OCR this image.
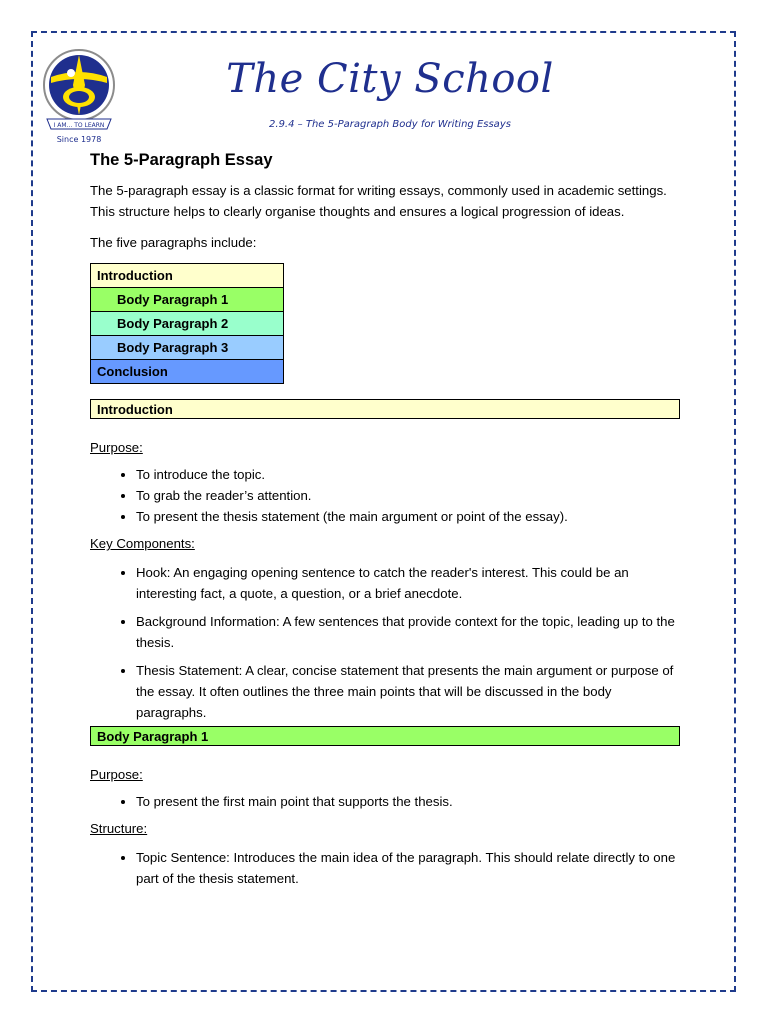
I AM... TO LEARN
Since 1978
The City School
2.9.4 – The 5-Paragraph Body for Writing Essays
The 5-Paragraph Essay

The 5-paragraph essay is a classic format for writing essays, commonly used in academic settings. This structure helps to clearly organise thoughts and ensures a logical progression of ideas.

The five paragraphs include:

Introduction
Body Paragraph 1
Body Paragraph 2
Body Paragraph 3
Conclusion
Introduction

Purpose:

• To introduce the topic.
• To grab the reader’s attention.
• To present the thesis statement (the main argument or point of the essay).

Key Components:

• Hook: An engaging opening sentence to catch the reader's interest. This could be an interesting fact, a quote, a question, or a brief anecdote.
• Background Information: A few sentences that provide context for the topic, leading up to the thesis.
• Thesis Statement: A clear, concise statement that presents the main argument or purpose of the essay. It often outlines the three main points that will be discussed in the body paragraphs.
Body Paragraph 1

Purpose:

• To present the first main point that supports the thesis.

Structure:

• Topic Sentence: Introduces the main idea of the paragraph. This should relate directly to one part of the thesis statement.
